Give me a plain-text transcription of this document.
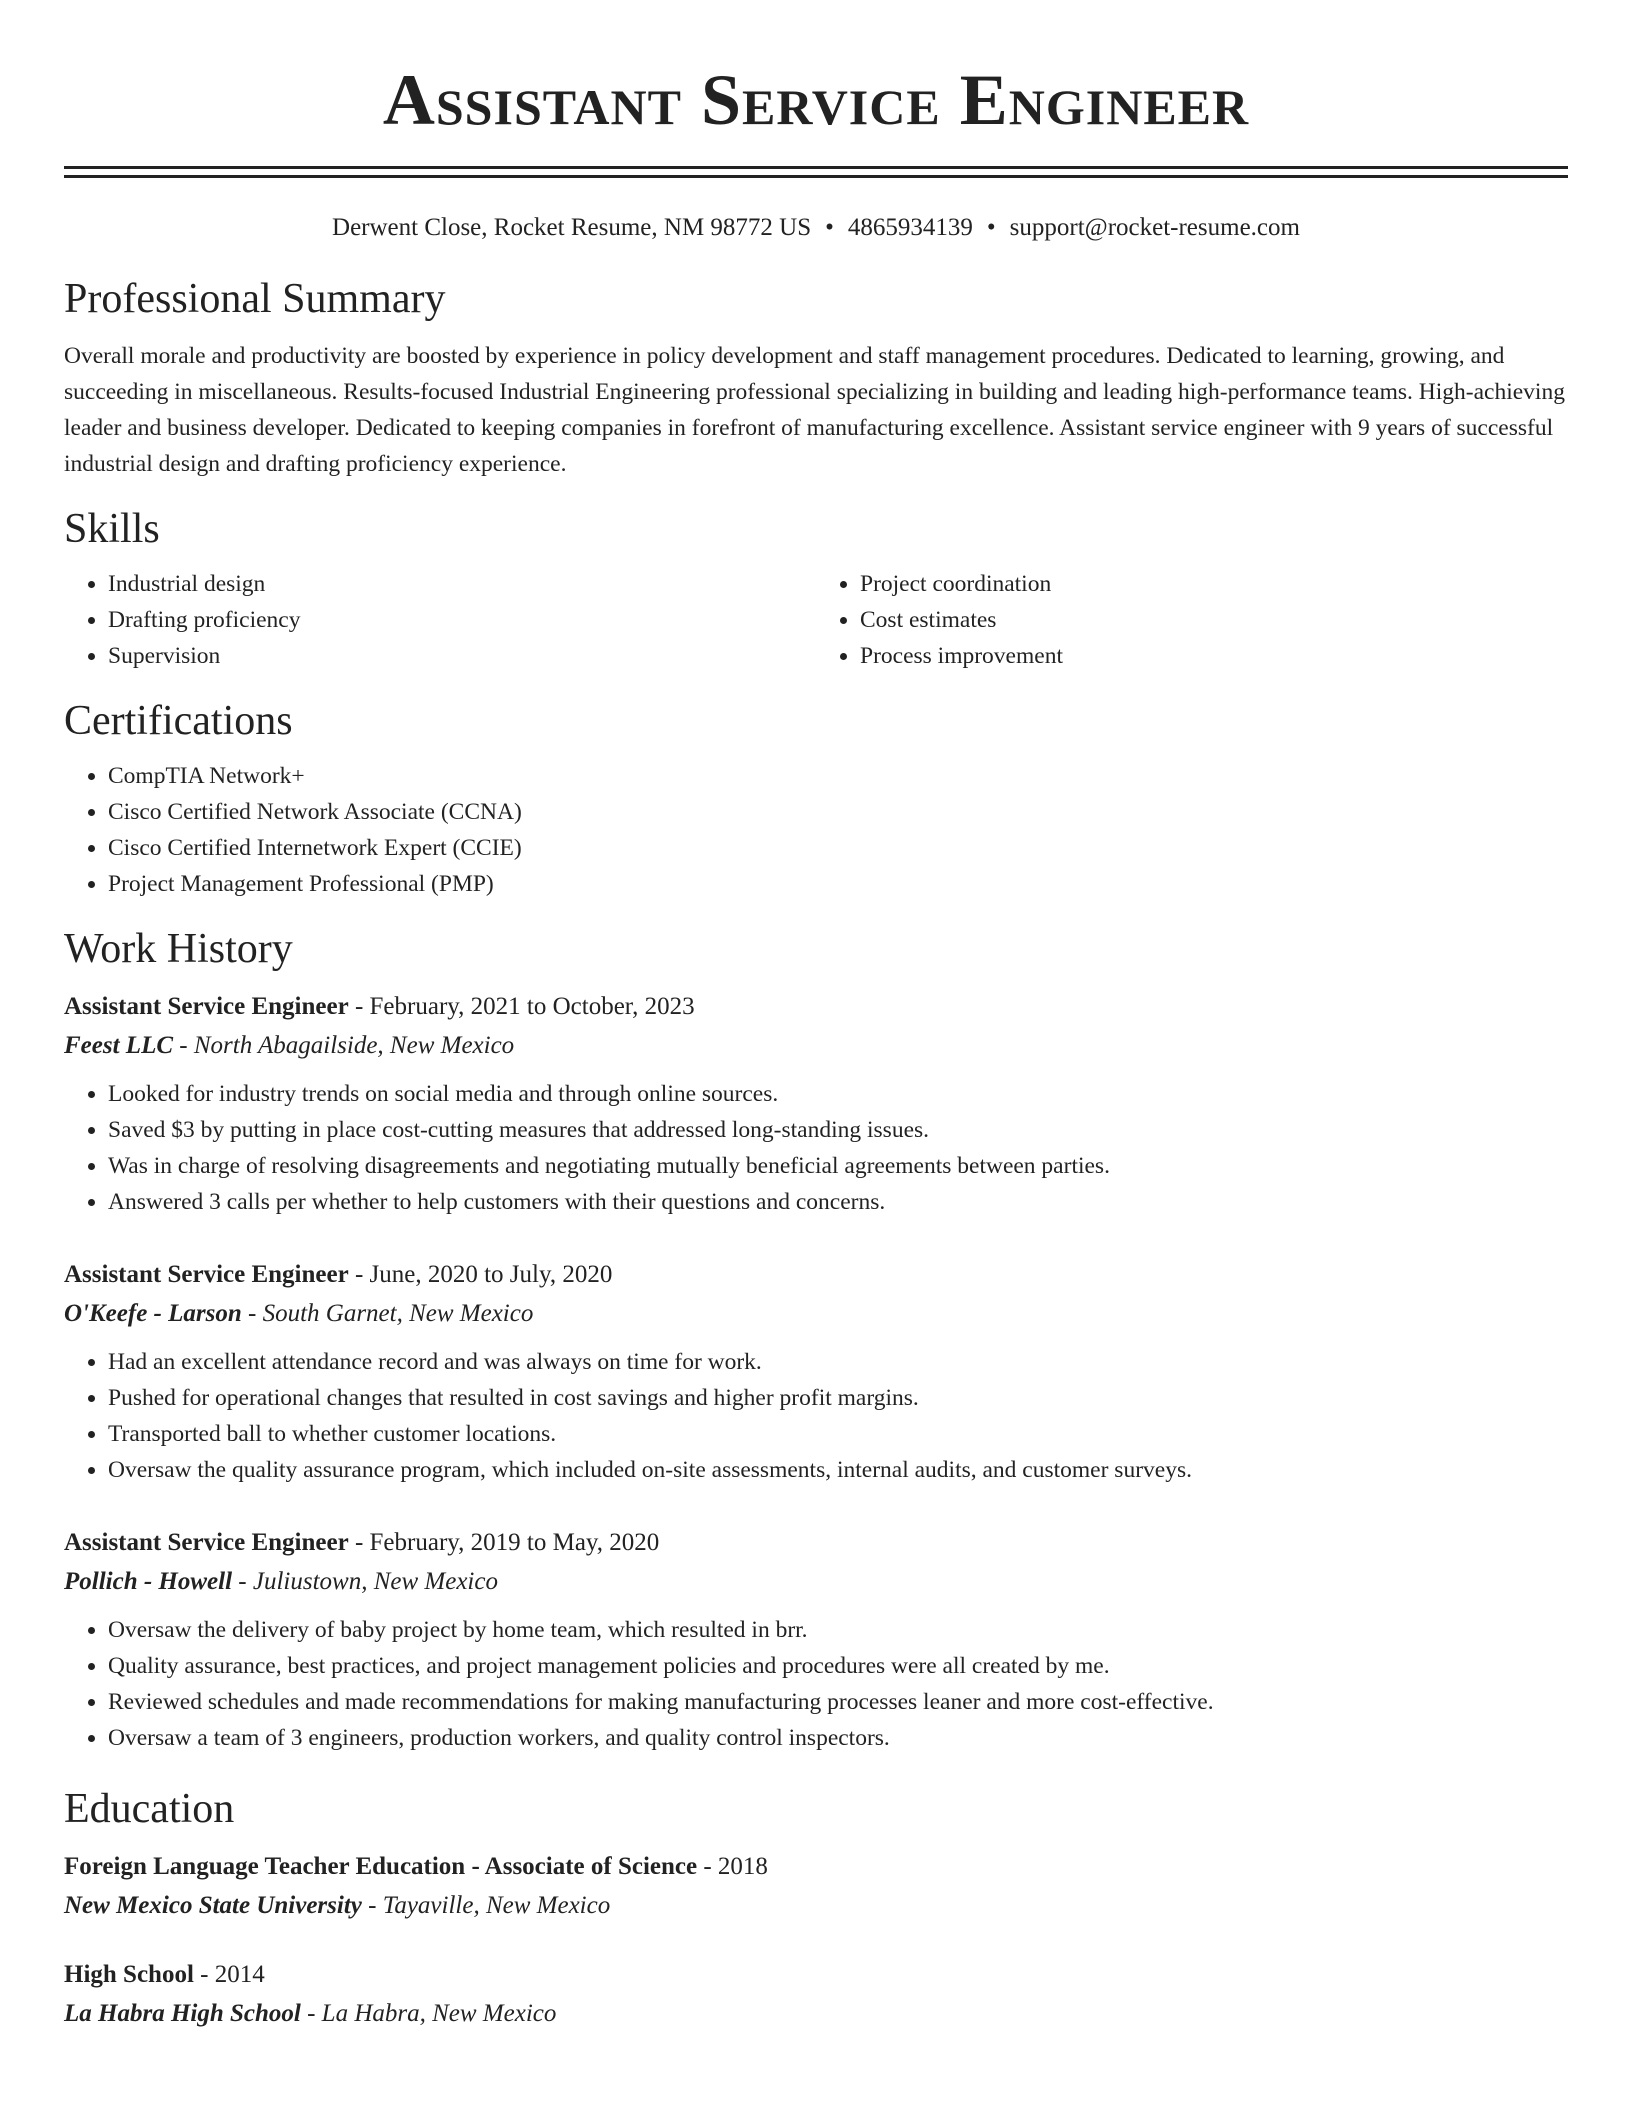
Assistant Service Engineer
Derwent Close, Rocket Resume, NM 98772 US • 4865934139 • support@rocket-resume.com
Professional Summary

Overall morale and productivity are boosted by experience in policy development and staff management procedures. Dedicated to learning, growing, and succeeding in miscellaneous. Results-focused Industrial Engineering professional specializing in building and leading high-performance teams. High-achieving leader and business developer. Dedicated to keeping companies in forefront of manufacturing excellence. Assistant service engineer with 9 years of successful industrial design and drafting proficiency experience.

Skills
• Industrial design
• Drafting proficiency
• Supervision
• Project coordination
• Cost estimates
• Process improvement
Certifications
• CompTIA Network+
• Cisco Certified Network Associate (CCNA)
• Cisco Certified Internetwork Expert (CCIE)
• Project Management Professional (PMP)
Work History
Assistant Service Engineer - February, 2021 to October, 2023
Feest LLC - North Abagailside, New Mexico
• Looked for industry trends on social media and through online sources.
• Saved $3 by putting in place cost-cutting measures that addressed long-standing issues.
• Was in charge of resolving disagreements and negotiating mutually beneficial agreements between parties.
• Answered 3 calls per whether to help customers with their questions and concerns.
Assistant Service Engineer - June, 2020 to July, 2020
O'Keefe - Larson - South Garnet, New Mexico
• Had an excellent attendance record and was always on time for work.
• Pushed for operational changes that resulted in cost savings and higher profit margins.
• Transported ball to whether customer locations.
• Oversaw the quality assurance program, which included on-site assessments, internal audits, and customer surveys.
Assistant Service Engineer - February, 2019 to May, 2020
Pollich - Howell - Juliustown, New Mexico
• Oversaw the delivery of baby project by home team, which resulted in brr.
• Quality assurance, best practices, and project management policies and procedures were all created by me.
• Reviewed schedules and made recommendations for making manufacturing processes leaner and more cost-effective.
• Oversaw a team of 3 engineers, production workers, and quality control inspectors.
Education
Foreign Language Teacher Education - Associate of Science - 2018
New Mexico State University - Tayaville, New Mexico
High School - 2014
La Habra High School - La Habra, New Mexico
